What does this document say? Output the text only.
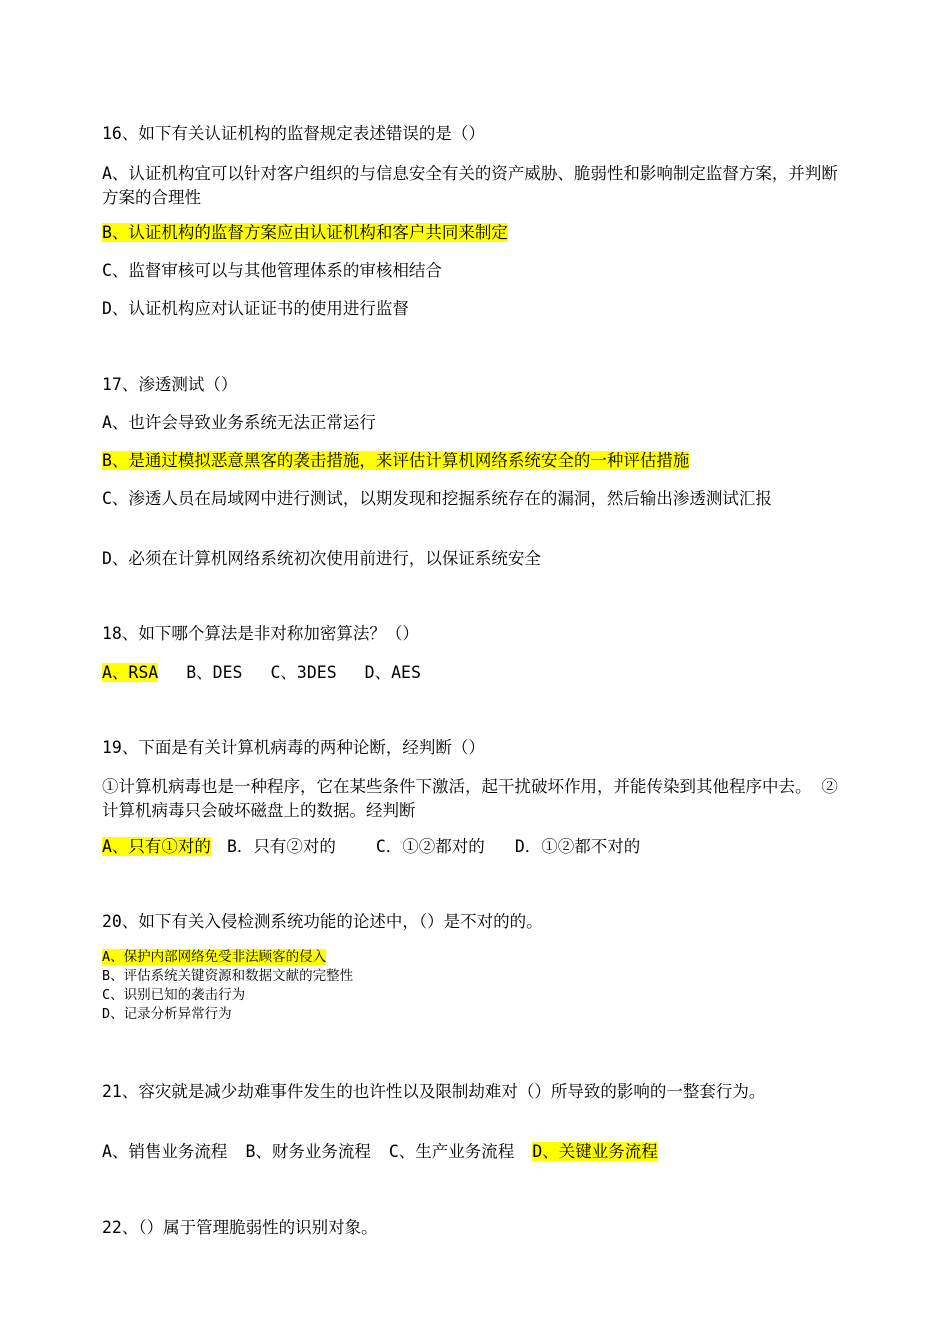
16、如下有关认证机构的监督规定表述错误的是（）
A、认证机构宜可以针对客户组织的与信息安全有关的资产威胁、脆弱性和影响制定监督方案，并判断方案的合理性
B、认证机构的监督方案应由认证机构和客户共同来制定
C、监督审核可以与其他管理体系的审核相结合
D、认证机构应对认证证书的使用进行监督
17、渗透测试（）
A、也许会导致业务系统无法正常运行
B、是通过模拟恶意黑客的袭击措施，来评估计算机网络系统安全的一种评估措施
C、渗透人员在局域网中进行测试，以期发现和挖掘系统存在的漏洞，然后输出渗透测试汇报
D、必须在计算机网络系统初次使用前进行，以保证系统安全
18、如下哪个算法是非对称加密算法？（）
A、RSA B、DES C、3DES D、AES
19、下面是有关计算机病毒的两种论断，经判断（）
①计算机病毒也是一种程序，它在某些条件下激活，起干扰破坏作用，并能传染到其他程序中去。 ②计算机病毒只会破坏磁盘上的数据。经判断
A、只有①对的 B．只有②对的 C．①②都对的 D．①②都不对的
20、如下有关入侵检测系统功能的论述中，（）是不对的的。
A、保护内部网络免受非法顾客的侵入
B、评估系统关键资源和数据文献的完整性
C、识别已知的袭击行为
D、记录分析异常行为
21、容灾就是减少劫难事件发生的也许性以及限制劫难对（）所导致的影响的一整套行为。
A、销售业务流程 B、财务业务流程 C、生产业务流程 D、关键业务流程
22、（）属于管理脆弱性的识别对象。
